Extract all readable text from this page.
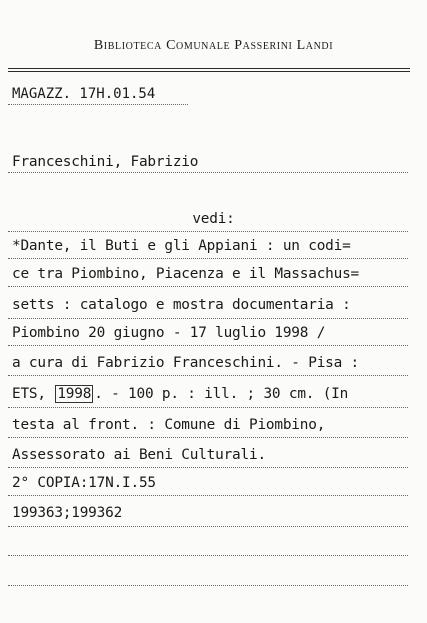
Biblioteca Comunale Passerini Landi
MAGAZZ. 17H.01.54
Franceschini, Fabrizio
vedi:
*Dante, il Buti e gli Appiani : un codi=
ce tra Piombino, Piacenza e il Massachus=
setts : catalogo e mostra documentaria :
Piombino 20 giugno - 17 luglio 1998 /
a cura di Fabrizio Franceschini. - Pisa :
ETS, 1998 . - 100 p. : ill. ; 30 cm. (In
testa al front. : Comune di Piombino,
Assessorato ai Beni Culturali.
2° COPIA:17N.I.55
199363;199362
